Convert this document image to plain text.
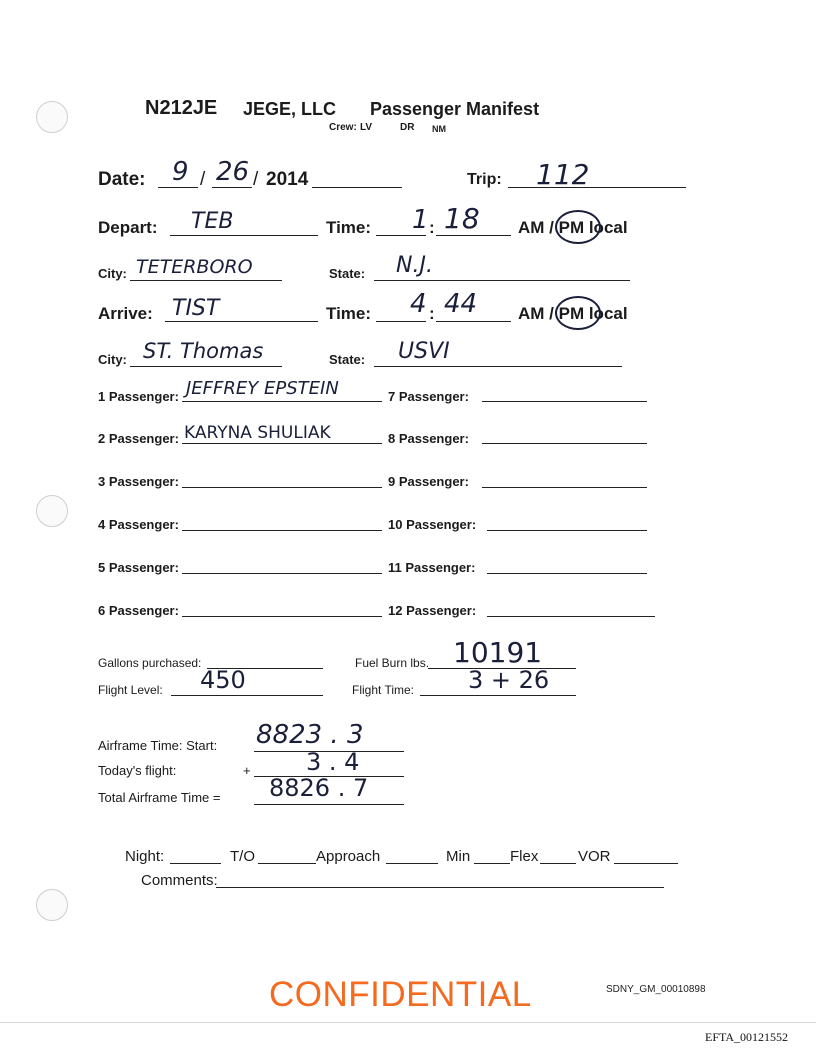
N212JE JEGE, LLC Passenger Manifest
Crew: LV	DR NM
Date: 9 / 26 / 2014	Trip: 112
Depart: TEB	Time: 1 : 18 AM / PM local
City: TETERBORO	State: N.J.
Arrive: TIST	Time: 4 : 44 AM / PM local
City: ST. Thomas	State: USVI
1 Passenger: JEFFREY EPSTEIN
2 Passenger: KARYNA SHULIAK
3 Passenger:
4 Passenger:
5 Passenger:
6 Passenger:
7 Passenger:
8 Passenger:
9 Passenger:
10 Passenger:
11 Passenger:
12 Passenger:
Gallons purchased:	Fuel Burn lbs. 10191
Flight Level: 450	Flight Time: 3 + 26
Airframe Time: Start: 8823 . 3
Today's flight:	+ 3 . 4
Total Airframe Time = 8826 . 7
Night:	T/O	Approach	Min	Flex	VOR
Comments:
CONFIDENTIAL	SDNY_GM_00010898
EFTA_00121552
